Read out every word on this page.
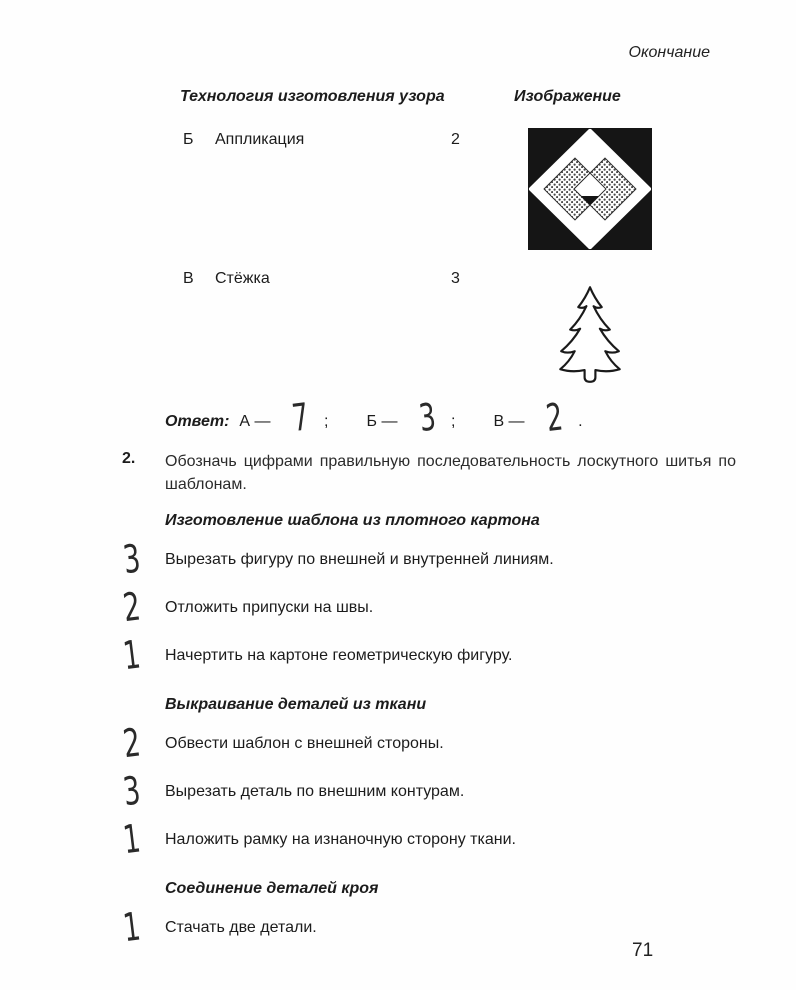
Окончание
Технология изготовления узора	Изображение
Б Аппликация	2
В Стёжка	3
Ответ: А — 7 ; Б — 3 ; В — 2 .
2.	Обозначь цифрами правильную последовательность лоскутного шитья по шаблонам.
Изготовление шаблона из плотного картона
3	Вырезать фигуру по внешней и внутренней линиям.
2	Отложить припуски на швы.
1	Начертить на картоне геометрическую фигуру.
Выкраивание деталей из ткани
2	Обвести шаблон с внешней стороны.
3	Вырезать деталь по внешним контурам.
1	Наложить рамку на изнаночную сторону ткани.
Соединение деталей кроя
1	Стачать две детали.
71
